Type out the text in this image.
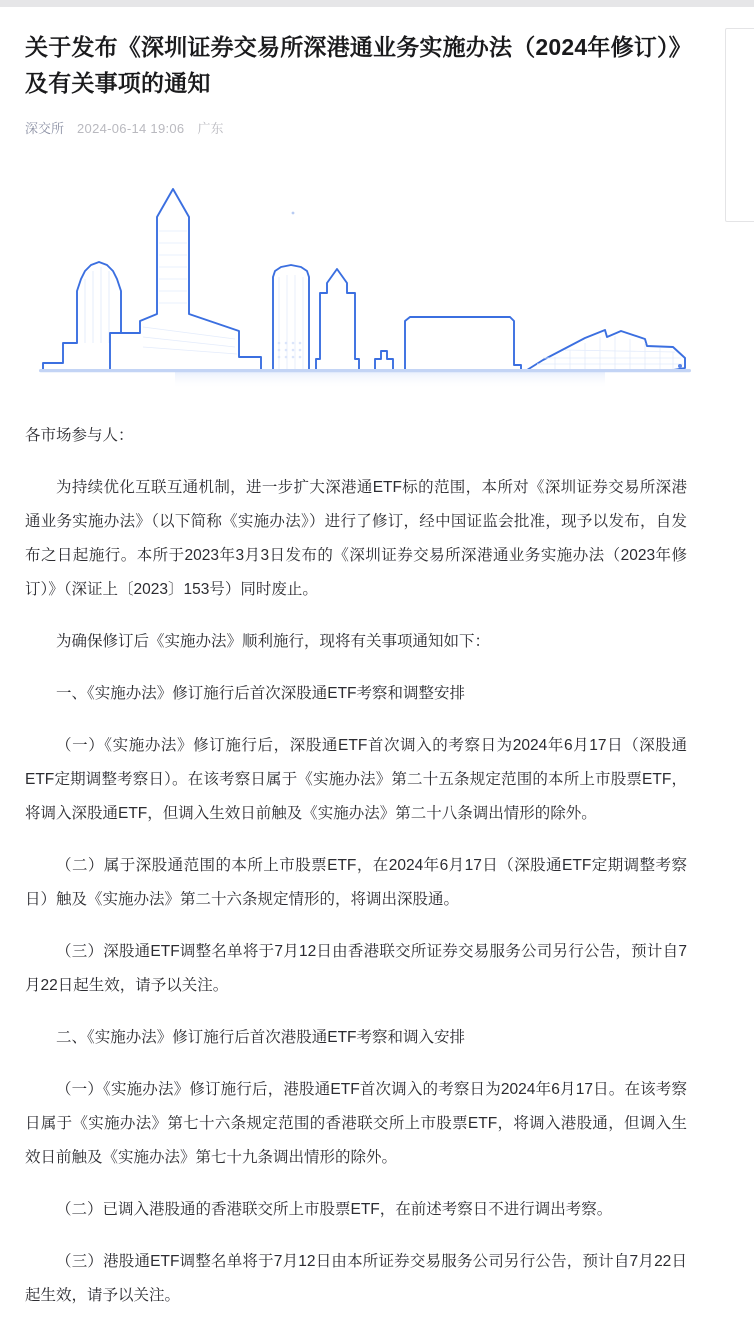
关于发布《深圳证券交易所深港通业务实施办法（2024年修订）》及有关事项的通知
深交所 2024-06-14 19:06 广东

各市场参与人：

为持续优化互联互通机制，进一步扩大深港通ETF标的范围，本所对《深圳证券交易所深港通业务实施办法》（以下简称《实施办法》）进行了修订，经中国证监会批准，现予以发布，自发布之日起施行。本所于2023年3月3日发布的《深圳证券交易所深港通业务实施办法（2023年修订）》（深证上〔2023〕153号）同时废止。

为确保修订后《实施办法》顺利施行，现将有关事项通知如下：

一、《实施办法》修订施行后首次深股通ETF考察和调整安排

（一）《实施办法》修订施行后，深股通ETF首次调入的考察日为2024年6月17日（深股通ETF定期调整考察日）。在该考察日属于《实施办法》第二十五条规定范围的本所上市股票ETF，将调入深股通ETF，但调入生效日前触及《实施办法》第二十八条调出情形的除外。

（二）属于深股通范围的本所上市股票ETF，在2024年6月17日（深股通ETF定期调整考察日）触及《实施办法》第二十六条规定情形的，将调出深股通。

（三）深股通ETF调整名单将于7月12日由香港联交所证券交易服务公司另行公告，预计自7月22日起生效，请予以关注。

二、《实施办法》修订施行后首次港股通ETF考察和调入安排

（一）《实施办法》修订施行后，港股通ETF首次调入的考察日为2024年6月17日。在该考察日属于《实施办法》第七十六条规定范围的香港联交所上市股票ETF，将调入港股通，但调入生效日前触及《实施办法》第七十九条调出情形的除外。

（二）已调入港股通的香港联交所上市股票ETF，在前述考察日不进行调出考察。

（三）港股通ETF调整名单将于7月12日由本所证券交易服务公司另行公告，预计自7月22日起生效，请予以关注。
